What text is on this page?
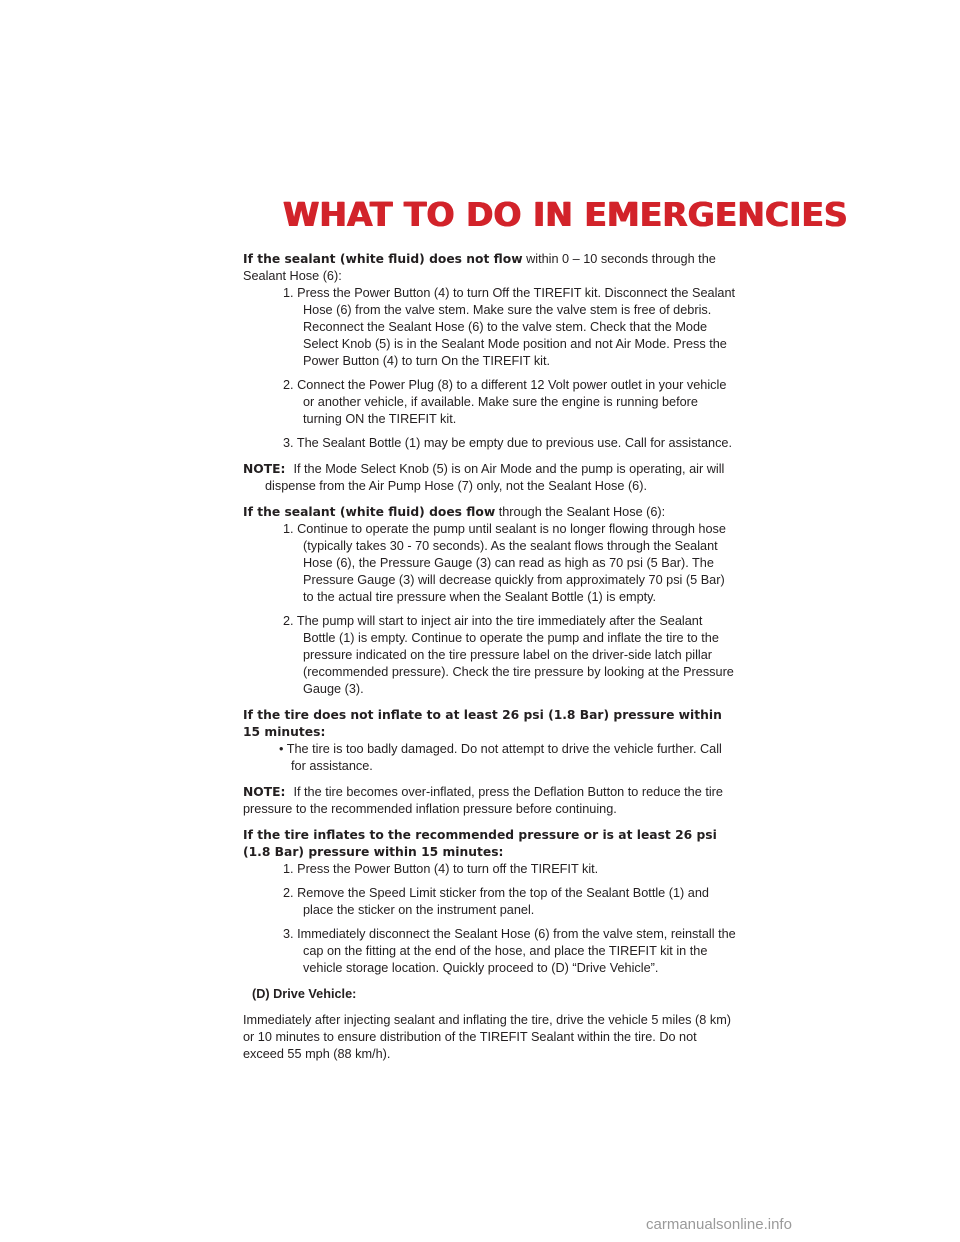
WHAT TO DO IN EMERGENCIES

If the sealant (white fluid) does not flow within 0 – 10 seconds through the Sealant Hose (6):

1. Press the Power Button (4) to turn Off the TIREFIT kit. Disconnect the Sealant Hose (6) from the valve stem. Make sure the valve stem is free of debris. Reconnect the Sealant Hose (6) to the valve stem. Check that the Mode Select Knob (5) is in the Sealant Mode position and not Air Mode. Press the Power Button (4) to turn On the TIREFIT kit.
2. Connect the Power Plug (8) to a different 12 Volt power outlet in your vehicle or another vehicle, if available. Make sure the engine is running before turning ON the TIREFIT kit.
3. The Sealant Bottle (1) may be empty due to previous use. Call for assistance.

NOTE: If the Mode Select Knob (5) is on Air Mode and the pump is operating, air will dispense from the Air Pump Hose (7) only, not the Sealant Hose (6).

If the sealant (white fluid) does flow through the Sealant Hose (6):

1. Continue to operate the pump until sealant is no longer flowing through hose (typically takes 30 - 70 seconds). As the sealant flows through the Sealant Hose (6), the Pressure Gauge (3) can read as high as 70 psi (5 Bar). The Pressure Gauge (3) will decrease quickly from approximately 70 psi (5 Bar) to the actual tire pressure when the Sealant Bottle (1) is empty.
2. The pump will start to inject air into the tire immediately after the Sealant Bottle (1) is empty. Continue to operate the pump and inflate the tire to the pressure indicated on the tire pressure label on the driver-side latch pillar (recommended pressure). Check the tire pressure by looking at the Pressure Gauge (3).

If the tire does not inflate to at least 26 psi (1.8 Bar) pressure within 15 minutes:

• The tire is too badly damaged. Do not attempt to drive the vehicle further. Call for assistance.

NOTE: If the tire becomes over-inflated, press the Deflation Button to reduce the tire pressure to the recommended inflation pressure before continuing.

If the tire inflates to the recommended pressure or is at least 26 psi (1.8 Bar) pressure within 15 minutes:

1. Press the Power Button (4) to turn off the TIREFIT kit.
2. Remove the Speed Limit sticker from the top of the Sealant Bottle (1) and place the sticker on the instrument panel.
3. Immediately disconnect the Sealant Hose (6) from the valve stem, reinstall the cap on the fitting at the end of the hose, and place the TIREFIT kit in the vehicle storage location. Quickly proceed to (D) “Drive Vehicle”.

(D) Drive Vehicle:

Immediately after injecting sealant and inflating the tire, drive the vehicle 5 miles (8 km) or 10 minutes to ensure distribution of the TIREFIT Sealant within the tire. Do not exceed 55 mph (88 km/h).

carmanualsonline.info
